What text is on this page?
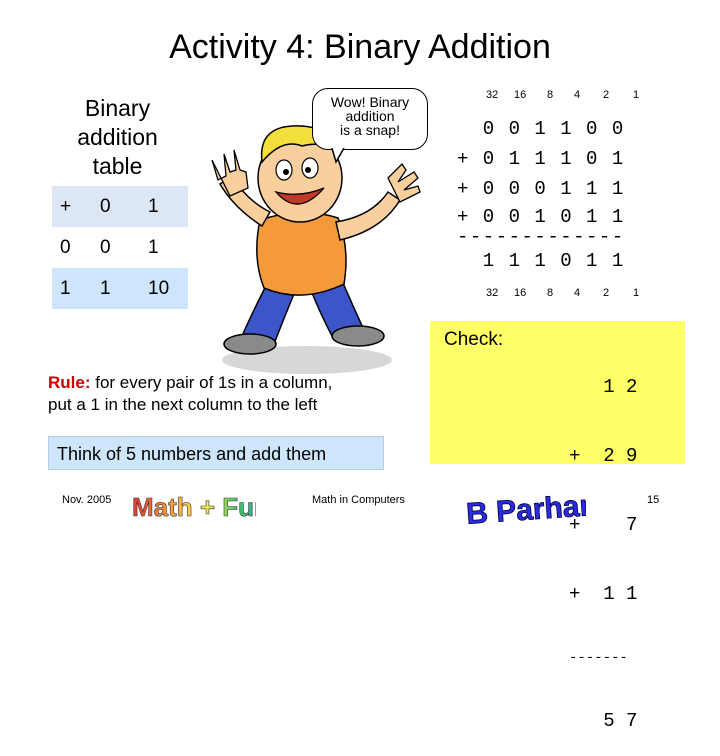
Activity 4: Binary Addition
Binary
addition
table
+	0	1
0	0	1
1	1	10
Wow! Binary
addition
is a snap!
32 16 8 4 2 1
0 0 1 1 0 0
+ 0 1 1 1 0 1
+ 0 0 0 1 1 1
+ 0 0 1 0 1 1
-------------
1 1 1 0 1 1
32 16 8 4 2 1
Check:

1 2

+  2 9

+    7

+  1 1

-------

5 7

Rule: for every pair of 1s in a column,
put a 1 in the next column to the left
Think of 5 numbers and add them
Nov. 2005 Math + Fu	Math in Computers B Parhami	15
